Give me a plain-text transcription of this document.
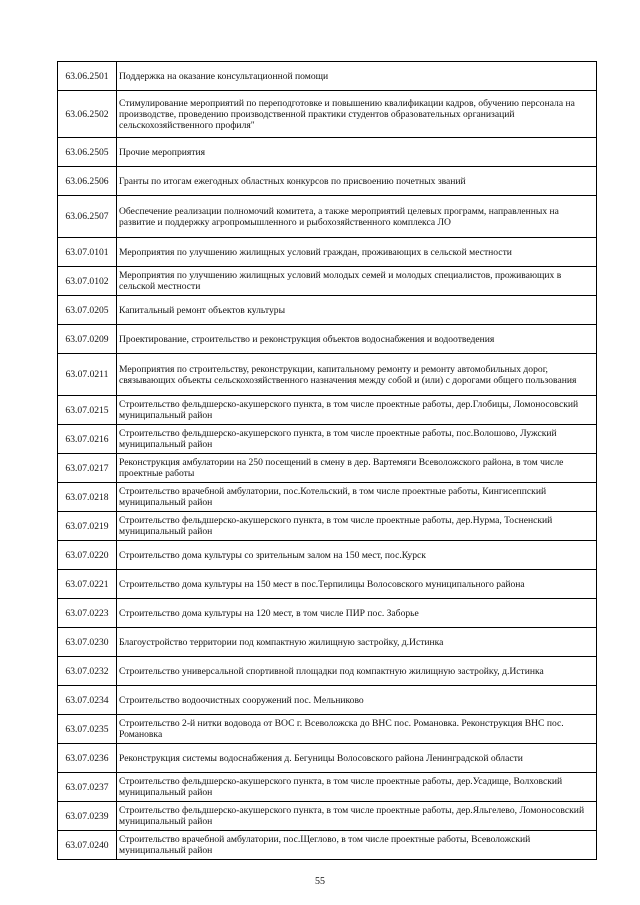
63.06.2501	Поддержка на оказание консультационной помощи
63.06.2502	Стимулирование мероприятий по переподготовке и повышению квалификации кадров, обучению персонала на производстве, проведению производственной практики студентов образовательных организаций сельскохозяйственного профиля"
63.06.2505	Прочие мероприятия
63.06.2506	Гранты по итогам ежегодных областных конкурсов по присвоению почетных званий
63.06.2507	Обеспечение реализации полномочий комитета, а также мероприятий целевых программ, направленных на развитие и поддержку агропромышленного и рыбохозяйственного комплекса ЛО
63.07.0101	Мероприятия по улучшению жилищных условий граждан, проживающих в сельской местности
63.07.0102	Мероприятия по улучшению жилищных условий молодых семей и молодых специалистов, проживающих в сельской местности
63.07.0205	Капитальный ремонт объектов культуры
63.07.0209	Проектирование, строительство и реконструкция объектов водоснабжения и водоотведения
63.07.0211	Мероприятия по строительству, реконструкции, капитальному ремонту и ремонту автомобильных дорог, связывающих объекты сельскохозяйственного назначения между собой и (или) с дорогами общего пользования
63.07.0215	Строительство фельдшерско-акушерского пункта, в том числе проектные работы, дер.Глобицы, Ломоносовский муниципальный район
63.07.0216	Строительство фельдшерско-акушерского пункта, в том числе проектные работы, пос.Волошово, Лужский муниципальный район
63.07.0217	Реконструкция амбулатории на 250 посещений в смену в дер. Вартемяги Всеволожского района, в том числе проектные работы
63.07.0218	Строительство врачебной амбулатории, пос.Котельский, в том числе проектные работы, Кингисеппский муниципальный район
63.07.0219	Строительство фельдшерско-акушерского пункта, в том числе проектные работы, дер.Нурма, Тосненский муниципальный район
63.07.0220	Строительство дома культуры со зрительным залом на 150 мест, пос.Курск
63.07.0221	Строительство дома культуры на 150 мест в пос.Терпилицы Волосовского муниципального района
63.07.0223	Строительство дома культуры на 120 мест, в том числе ПИР пос. Заборье
63.07.0230	Благоустройство территории под компактную жилищную застройку, д.Истинка
63.07.0232	Строительство универсальной спортивной площадки под компактную жилищную застройку, д.Истинка
63.07.0234	Строительство водоочистных сооружений пос. Мельниково
63.07.0235	Строительство 2-й нитки водовода от ВОС г. Всеволожска до ВНС пос. Романовка. Реконструкция ВНС пос. Романовка
63.07.0236	Реконструкция системы водоснабжения д. Бегуницы Волосовского района Ленинградской области
63.07.0237	Строительство фельдшерско-акушерского пункта, в том числе проектные работы, дер.Усадище, Волховский муниципальный район
63.07.0239	Строительство фельдшерско-акушерского пункта, в том числе проектные работы, дер.Яльгелево, Ломоносовский муниципальный район
63.07.0240	Строительство врачебной амбулатории, пос.Щеглово, в том числе проектные работы, Всеволожский муниципальный район
55
